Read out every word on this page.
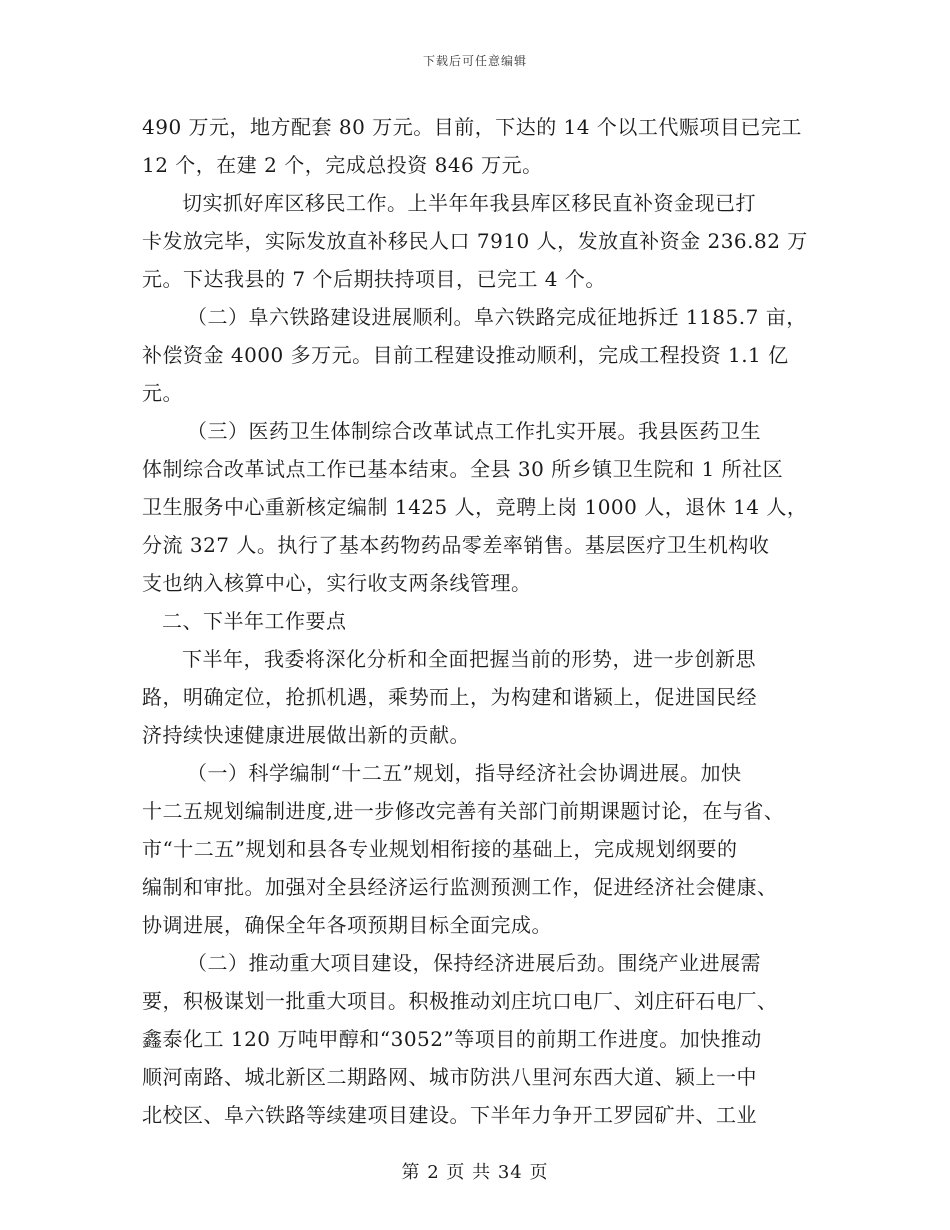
下载后可任意编辑

490 万元，地方配套 80 万元。目前，下达的 14 个以工代赈项目已完工
12 个，在建 2 个，完成总投资 846 万元。

切实抓好库区移民工作。上半年年我县库区移民直补资金现已打
卡发放完毕，实际发放直补移民人口 7910 人，发放直补资金 236.82 万
元。下达我县的 7 个后期扶持项目，已完工 4 个。

（二）阜六铁路建设进展顺利。阜六铁路完成征地拆迁 1185.7 亩，
补偿资金 4000 多万元。目前工程建设推动顺利，完成工程投资 1.1 亿
元。

（三）医药卫生体制综合改革试点工作扎实开展。我县医药卫生
体制综合改革试点工作已基本结束。全县 30 所乡镇卫生院和 1 所社区
卫生服务中心重新核定编制 1425 人，竞聘上岗 1000 人，退休 14 人，
分流 327 人。执行了基本药物药品零差率销售。基层医疗卫生机构收
支也纳入核算中心，实行收支两条线管理。

二、下半年工作要点

下半年，我委将深化分析和全面把握当前的形势，进一步创新思
路，明确定位，抢抓机遇，乘势而上，为构建和谐颍上，促进国民经
济持续快速健康进展做出新的贡献。

（一）科学编制“十二五”规划，指导经济社会协调进展。加快
十二五规划编制进度,进一步修改完善有关部门前期课题讨论，在与省、
市“十二五”规划和县各专业规划相衔接的基础上，完成规划纲要的
编制和审批。加强对全县经济运行监测预测工作，促进经济社会健康、
协调进展，确保全年各项预期目标全面完成。

（二）推动重大项目建设，保持经济进展后劲。围绕产业进展需
要，积极谋划一批重大项目。积极推动刘庄坑口电厂、刘庄矸石电厂、
鑫泰化工 120 万吨甲醇和“3052”等项目的前期工作进度。加快推动
顺河南路、城北新区二期路网、城市防洪八里河东西大道、颍上一中
北校区、阜六铁路等续建项目建设。下半年力争开工罗园矿井、工业

第 2 页 共 34 页
